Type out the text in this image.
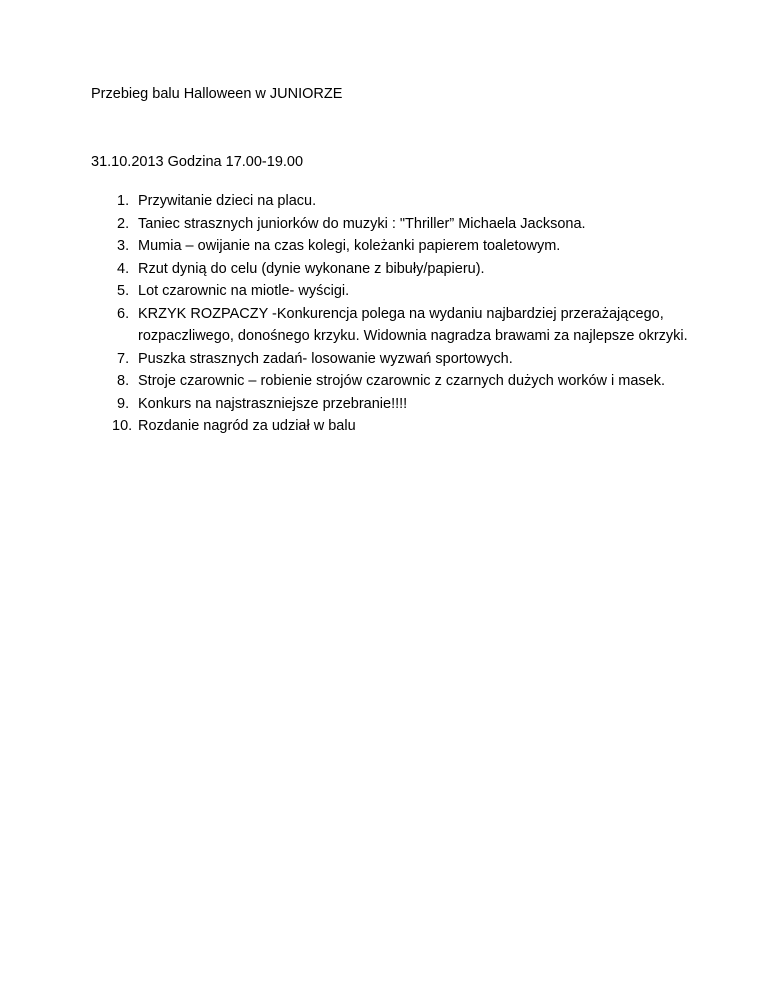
Przebieg balu Halloween w JUNIORZE
31.10.2013 Godzina 17.00-19.00
1. Przywitanie dzieci na placu.
2. Taniec strasznych juniorków do muzyki : "Thriller” Michaela Jacksona.
3. Mumia – owijanie na czas kolegi, koleżanki papierem toaletowym.
4. Rzut dynią do celu (dynie wykonane z bibuły/papieru).
5. Lot czarownic na miotle- wyścigi.
6. KRZYK ROZPACZY -Konkurencja polega na wydaniu najbardziej przerażającego, rozpaczliwego, donośnego krzyku. Widownia nagradza brawami za najlepsze okrzyki.
7. Puszka strasznych zadań- losowanie wyzwań sportowych.
8. Stroje czarownic – robienie strojów czarownic z czarnych dużych worków i masek.
9. Konkurs na najstraszniejsze przebranie!!!!
10. Rozdanie nagród za udział w balu
